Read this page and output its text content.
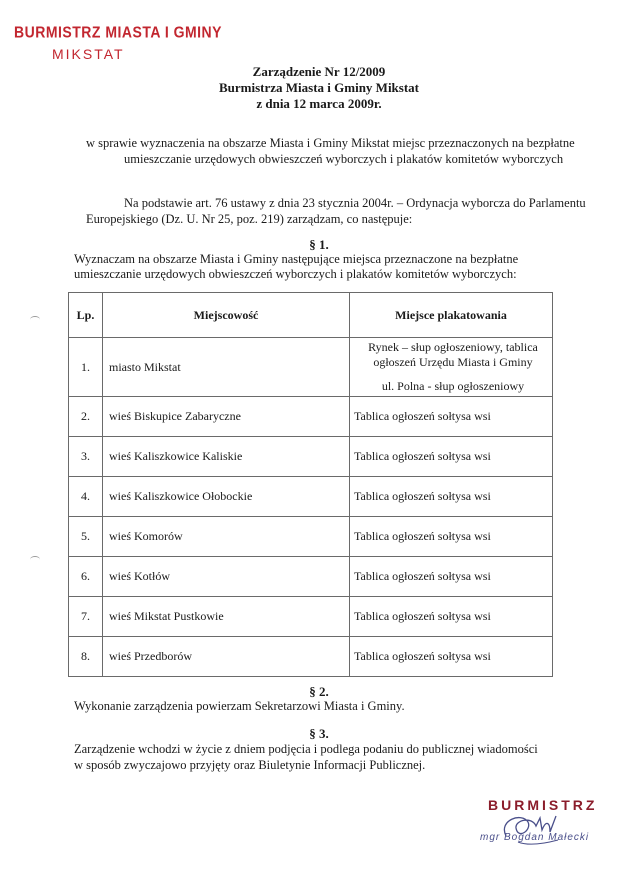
BURMISTRZ MIASTA I GMINY
MIKSTAT
Zarządzenie Nr 12/2009
Burmistrza Miasta i Gminy Mikstat
z dnia 12 marca 2009r.
w sprawie wyznaczenia na obszarze Miasta i Gminy Mikstat miejsc przeznaczonych na bezpłatne
umieszczanie urzędowych obwieszczeń wyborczych i plakatów komitetów wyborczych
Na podstawie art. 76 ustawy z dnia 23 stycznia 2004r. – Ordynacja wyborcza do Parlamentu
Europejskiego (Dz. U. Nr 25, poz. 219) zarządzam, co następuje:
§ 1.
Wyznaczam na obszarze Miasta i Gminy następujące miejsca przeznaczone na bezpłatne
umieszczanie urzędowych obwieszczeń wyborczych i plakatów komitetów wyborczych:
Lp.	Miejscowość	Miejsce plakatowania
1.	miasto Mikstat	Rynek – słup ogłoszeniowy, tablica
ogłoszeń Urzędu Miasta i Gminy
ul. Polna - słup ogłoszeniowy

2.	wieś Biskupice Zabaryczne	Tablica ogłoszeń sołtysa wsi
3.	wieś Kaliszkowice Kaliskie	Tablica ogłoszeń sołtysa wsi
4.	wieś Kaliszkowice Ołobockie	Tablica ogłoszeń sołtysa wsi
5.	wieś Komorów	Tablica ogłoszeń sołtysa wsi
6.	wieś Kotłów	Tablica ogłoszeń sołtysa wsi
7.	wieś Mikstat Pustkowie	Tablica ogłoszeń sołtysa wsi
8.	wieś Przedborów	Tablica ogłoszeń sołtysa wsi
§ 2.
Wykonanie zarządzenia powierzam Sekretarzowi Miasta i Gminy.
§ 3.
Zarządzenie wchodzi w życie z dniem podjęcia i podlega podaniu do publicznej wiadomości
w sposób zwyczajowo przyjęty oraz Biuletynie Informacji Publicznej.
BURMISTRZ
mgr Bogdan Małecki
